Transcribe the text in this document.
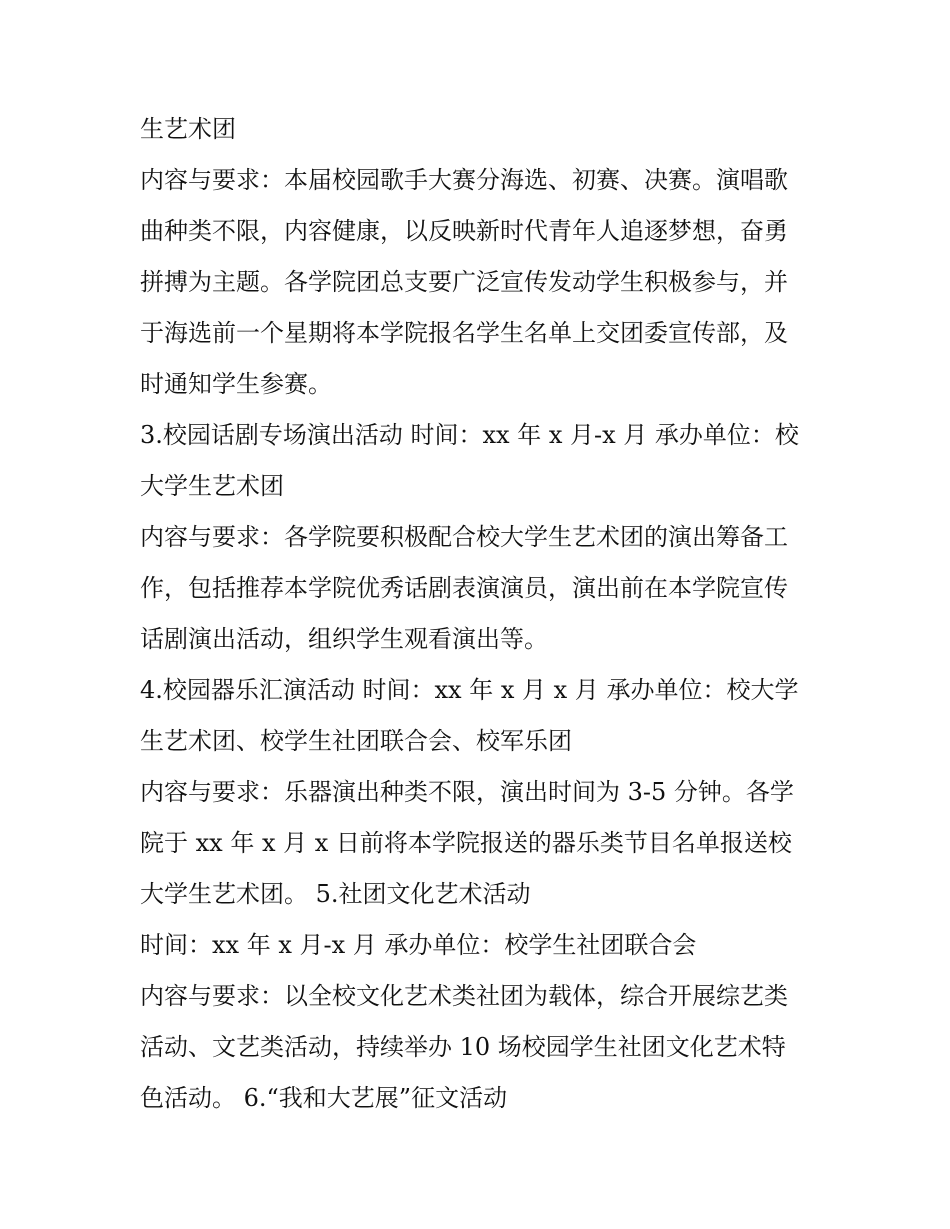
生艺术团
内容与要求：本届校园歌手大赛分海选、初赛、决赛。演唱歌
曲种类不限，内容健康，以反映新时代青年人追逐梦想，奋勇
拼搏为主题。各学院团总支要广泛宣传发动学生积极参与，并
于海选前一个星期将本学院报名学生名单上交团委宣传部，及
时通知学生参赛。
3.校园话剧专场演出活动 时间：xx 年 x 月-x 月 承办单位：校
大学生艺术团
内容与要求：各学院要积极配合校大学生艺术团的演出筹备工
作，包括推荐本学院优秀话剧表演演员，演出前在本学院宣传
话剧演出活动，组织学生观看演出等。
4.校园器乐汇演活动 时间：xx 年 x 月 x 月 承办单位：校大学
生艺术团、校学生社团联合会、校军乐团
内容与要求：乐器演出种类不限，演出时间为 3-5 分钟。各学
院于 xx 年 x 月 x 日前将本学院报送的器乐类节目名单报送校
大学生艺术团。 5.社团文化艺术活动
时间：xx 年 x 月-x 月 承办单位：校学生社团联合会
内容与要求：以全校文化艺术类社团为载体，综合开展综艺类
活动、文艺类活动，持续举办 10 场校园学生社团文化艺术特
色活动。 6.“我和大艺展”征文活动
